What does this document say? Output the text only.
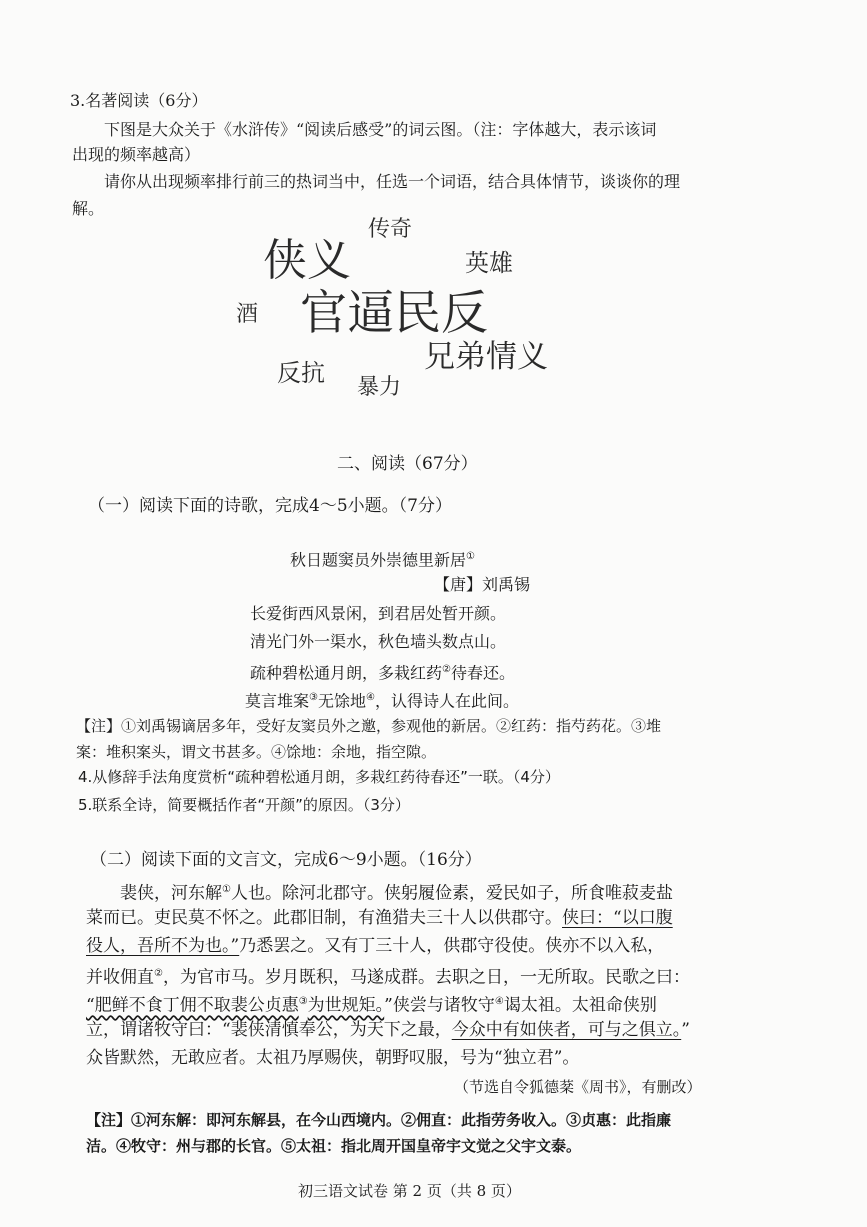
3.名著阅读（6分）
下图是大众关于《水浒传》“阅读后感受”的词云图。（注：字体越大，表示该词
出现的频率越高）
请你从出现频率排行前三的热词当中，任选一个词语，结合具体情节，谈谈你的理
解。
传奇
侠义	英雄
酒 官逼民反
兄弟情义
反抗
暴力
二、阅读（67分）
（一）阅读下面的诗歌，完成4～5小题。（7分）
秋日题窦员外崇德里新居①
【唐】刘禹锡
长爱街西风景闲，到君居处暂开颜。
清光门外一渠水，秋色墙头数点山。
疏种碧松通月朗，多栽红药②待春还。
莫言堆案③无馀地④，认得诗人在此间。
【注】①刘禹锡谪居多年，受好友窦员外之邀，参观他的新居。②红药：指芍药花。③堆
案：堆积案头，谓文书甚多。④馀地：余地，指空隙。
4.从修辞手法角度赏析“疏种碧松通月朗，多栽红药待春还”一联。（4分）
5.联系全诗，简要概括作者“开颜”的原因。（3分）
（二）阅读下面的文言文，完成6～9小题。（16分）
裴侠，河东解①人也。除河北郡守。侠躬履俭素，爱民如子，所食唯菽麦盐
菜而已。吏民莫不怀之。此郡旧制，有渔猎夫三十人以供郡守。侠曰：“以口腹
役人，吾所不为也。”乃悉罢之。又有丁三十人，供郡守役使。侠亦不以入私，
并收佣直②，为官市马。岁月既积，马遂成群。去职之日，一无所取。民歌之曰：
“肥鲜不食丁佣不取裴公贞惠③为世规矩。”侠尝与诸牧守④谒太祖。太祖命侠别
立，谓诸牧守曰：“裴侠清慎奉公，为天下之最，今众中有如侠者，可与之俱立。”
众皆默然，无敢应者。太祖乃厚赐侠，朝野叹服，号为“独立君”。
（节选自令狐德棻《周书》，有删改）
【注】①河东解：即河东解县，在今山西境内。②佣直：此指劳务收入。③贞惠：此指廉
洁。④牧守：州与郡的长官。⑤太祖：指北周开国皇帝宇文觉之父宇文泰。
初三语文试卷 第 2 页（共 8 页）
